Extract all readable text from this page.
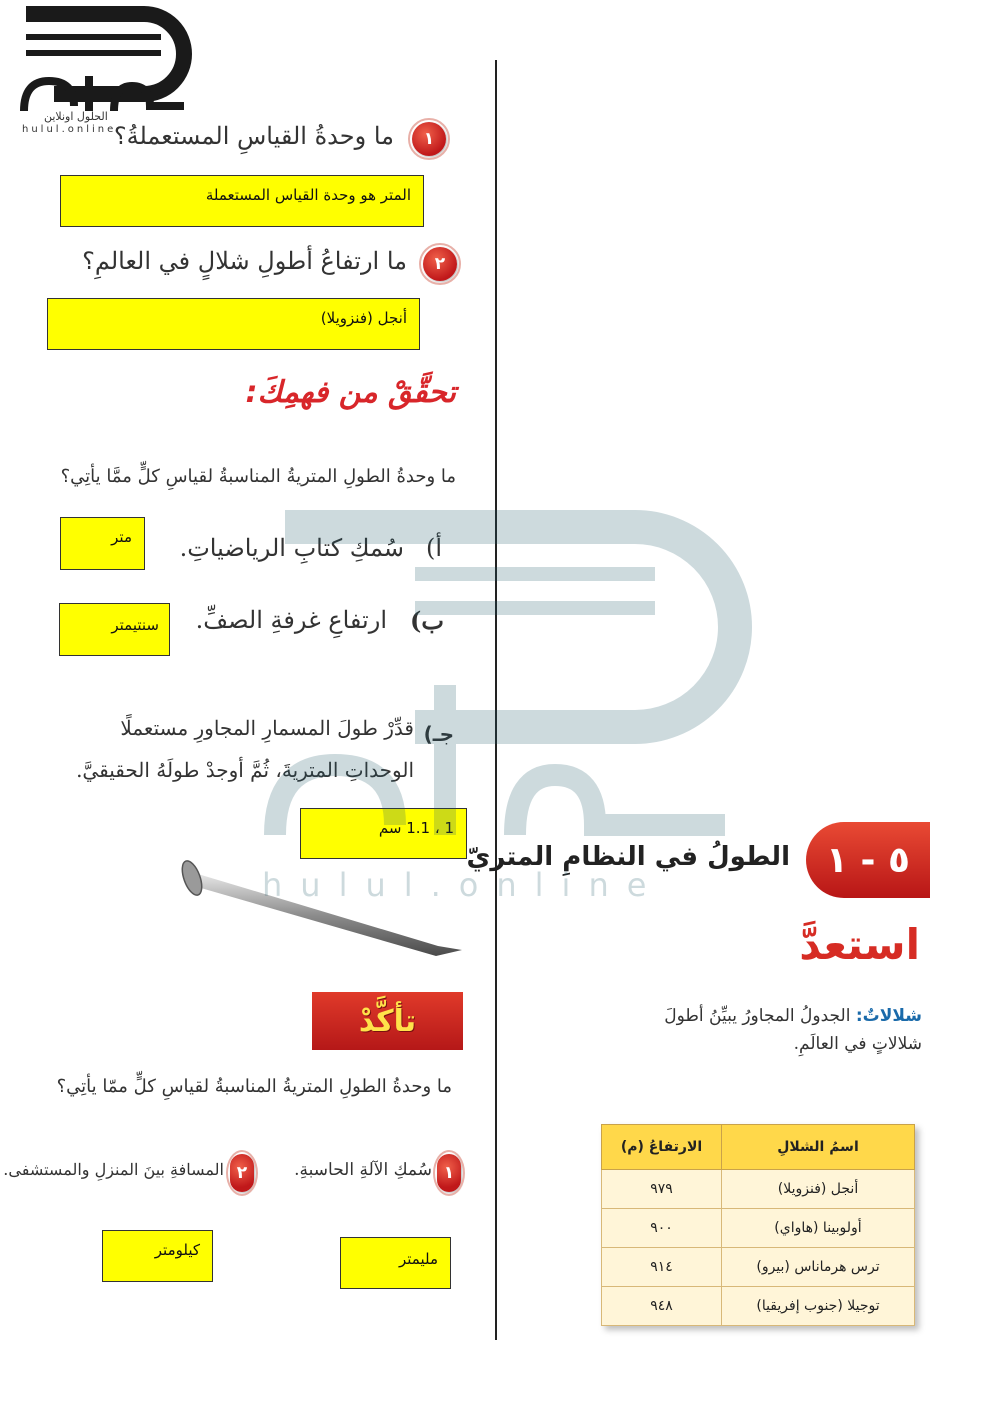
الحلول اونلاين
hulul.online	١
ما وحدةُ القياسِ المستعملةُ؟
المتر هو وحدة القياس المستعملة
٢
ما ارتفاعُ أطولِ شلالٍ في العالمِ؟
أنجل (فنزويلا)
تحقَّقْ من فهمِكَ:
ما وحدةُ الطولِ المتريةُ المناسبةُ لقياسِ كلٍّ ممَّا يأتِي؟
أ)
سُمكِ كتابِ الرياضياتِ.
متر
ب)
ارتفاعِ غرفةِ الصفِّ.
سنتيمتر
جـ)
قدِّرْ طولَ المسمارِ المجاورِ مستعملًا
الوحداتِ المتريةَ، ثُمَّ أوجدْ طولَهُ الحقيقيَّ.
1 ، 1.1 سم
تأكَّدْ
ما وحدةُ الطولِ المتريةُ المناسبةُ لقياسِ كلٍّ ممّا يأتِي؟
١
سُمكِ الآلةِ الحاسبةِ.
٢
المسافةِ بينَ المنزلِ والمستشفى.
مليمتر
كيلومتر
٥ - ١
الطولُ في النظامِ المتريّ
استعدَّ
شلالاتٌ: الجدولُ المجاورُ يبيِّنُ أطولَ
شلالاتٍ في العالَمِ.
اسمُ الشلالِ	الارتفاعُ (م)
أنجل (فنزويلا)	٩٧٩
أولوبينا (هاواي)	٩٠٠
ترس هرماناس (بيرو)	٩١٤
توجيلا (جنوب إفريقيا)	٩٤٨
hulul.online
